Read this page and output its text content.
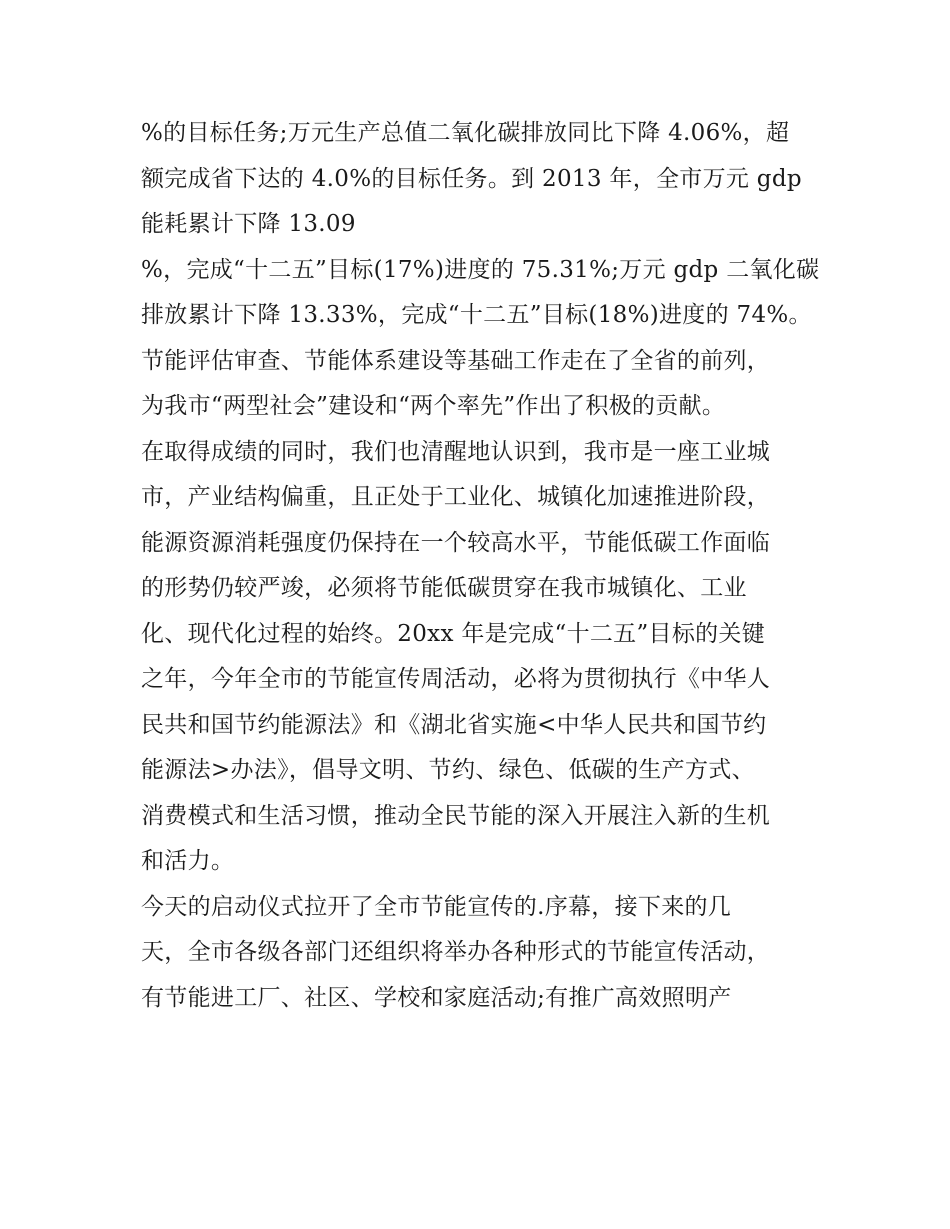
%的目标任务;万元生产总值二氧化碳排放同比下降 4.06%，超
额完成省下达的 4.0%的目标任务。到 2013 年，全市万元 gdp
能耗累计下降 13.09
%，完成“十二五”目标(17%)进度的 75.31%;万元 gdp 二氧化碳
排放累计下降 13.33%，完成“十二五”目标(18%)进度的 74%。
节能评估审查、节能体系建设等基础工作走在了全省的前列，
为我市“两型社会”建设和“两个率先”作出了积极的贡献。
在取得成绩的同时，我们也清醒地认识到，我市是一座工业城
市，产业结构偏重，且正处于工业化、城镇化加速推进阶段，
能源资源消耗强度仍保持在一个较高水平，节能低碳工作面临
的形势仍较严竣，必须将节能低碳贯穿在我市城镇化、工业
化、现代化过程的始终。20xx 年是完成“十二五”目标的关键
之年，今年全市的节能宣传周活动，必将为贯彻执行《中华人
民共和国节约能源法》和《湖北省实施<中华人民共和国节约
能源法>办法》，倡导文明、节约、绿色、低碳的生产方式、
消费模式和生活习惯，推动全民节能的深入开展注入新的生机
和活力。
今天的启动仪式拉开了全市节能宣传的.序幕，接下来的几
天，全市各级各部门还组织将举办各种形式的节能宣传活动，
有节能进工厂、社区、学校和家庭活动;有推广高效照明产
